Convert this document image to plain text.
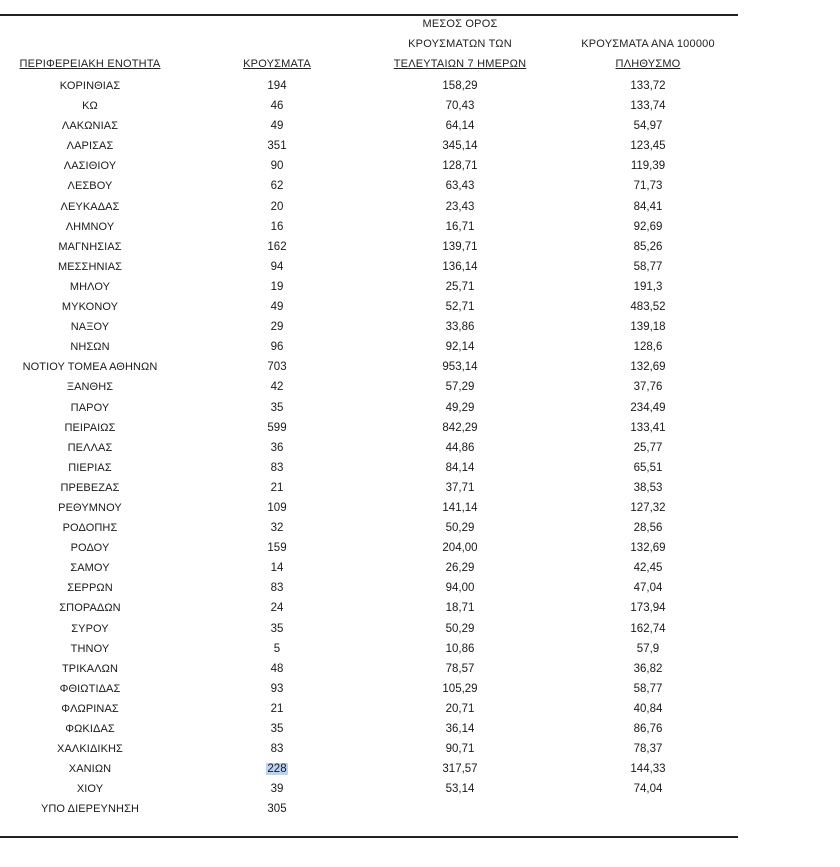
ΠΕΡΙΦΕΡΕΙΑΚΗ ΕΝΟΤΗΤΑ	ΚΡΟΥΣΜΑΤΑ
ΜΕΣΟΣ ΟΡΟΣ
ΚΡΟΥΣΜΑΤΩΝ ΤΩΝ
ΤΕΛΕΥΤΑΙΩΝ 7 ΗΜΕΡΩΝ
ΚΡΟΥΣΜΑΤΑ ΑΝΑ 100000
ΠΛΗΘΥΣΜΟ
ΚΟΡΙΝΘΙΑΣ	194	158,29	133,72
ΚΩ	46	70,43	133,74
ΛΑΚΩΝΙΑΣ	49	64,14	54,97
ΛΑΡΙΣΑΣ	351	345,14	123,45
ΛΑΣΙΘΙΟΥ	90	128,71	119,39
ΛΕΣΒΟΥ	62	63,43	71,73
ΛΕΥΚΑΔΑΣ	20	23,43	84,41
ΛΗΜΝΟΥ	16	16,71	92,69
ΜΑΓΝΗΣΙΑΣ	162	139,71	85,26
ΜΕΣΣΗΝΙΑΣ	94	136,14	58,77
ΜΗΛΟΥ	19	25,71	191,3
ΜΥΚΟΝΟΥ	49	52,71	483,52
ΝΑΞΟΥ	29	33,86	139,18
ΝΗΣΩΝ	96	92,14	128,6
ΝΟΤΙΟΥ ΤΟΜΕΑ ΑΘΗΝΩΝ	703	953,14	132,69
ΞΑΝΘΗΣ	42	57,29	37,76
ΠΑΡΟΥ	35	49,29	234,49
ΠΕΙΡΑΙΩΣ	599	842,29	133,41
ΠΕΛΛΑΣ	36	44,86	25,77
ΠΙΕΡΙΑΣ	83	84,14	65,51
ΠΡΕΒΕΖΑΣ	21	37,71	38,53
ΡΕΘΥΜΝΟΥ	109	141,14	127,32
ΡΟΔΟΠΗΣ	32	50,29	28,56
ΡΟΔΟΥ	159	204,00	132,69
ΣΑΜΟΥ	14	26,29	42,45
ΣΕΡΡΩΝ	83	94,00	47,04
ΣΠΟΡΑΔΩΝ	24	18,71	173,94
ΣΥΡΟΥ	35	50,29	162,74
ΤΗΝΟΥ	5	10,86	57,9
ΤΡΙΚΑΛΩΝ	48	78,57	36,82
ΦΘΙΩΤΙΔΑΣ	93	105,29	58,77
ΦΛΩΡΙΝΑΣ	21	20,71	40,84
ΦΩΚΙΔΑΣ	35	36,14	86,76
ΧΑΛΚΙΔΙΚΗΣ	83	90,71	78,37
ΧΑΝΙΩΝ	228	317,57	144,33
ΧΙΟΥ	39	53,14	74,04
ΥΠΟ ΔΙΕΡΕΥΝΗΣΗ	305
